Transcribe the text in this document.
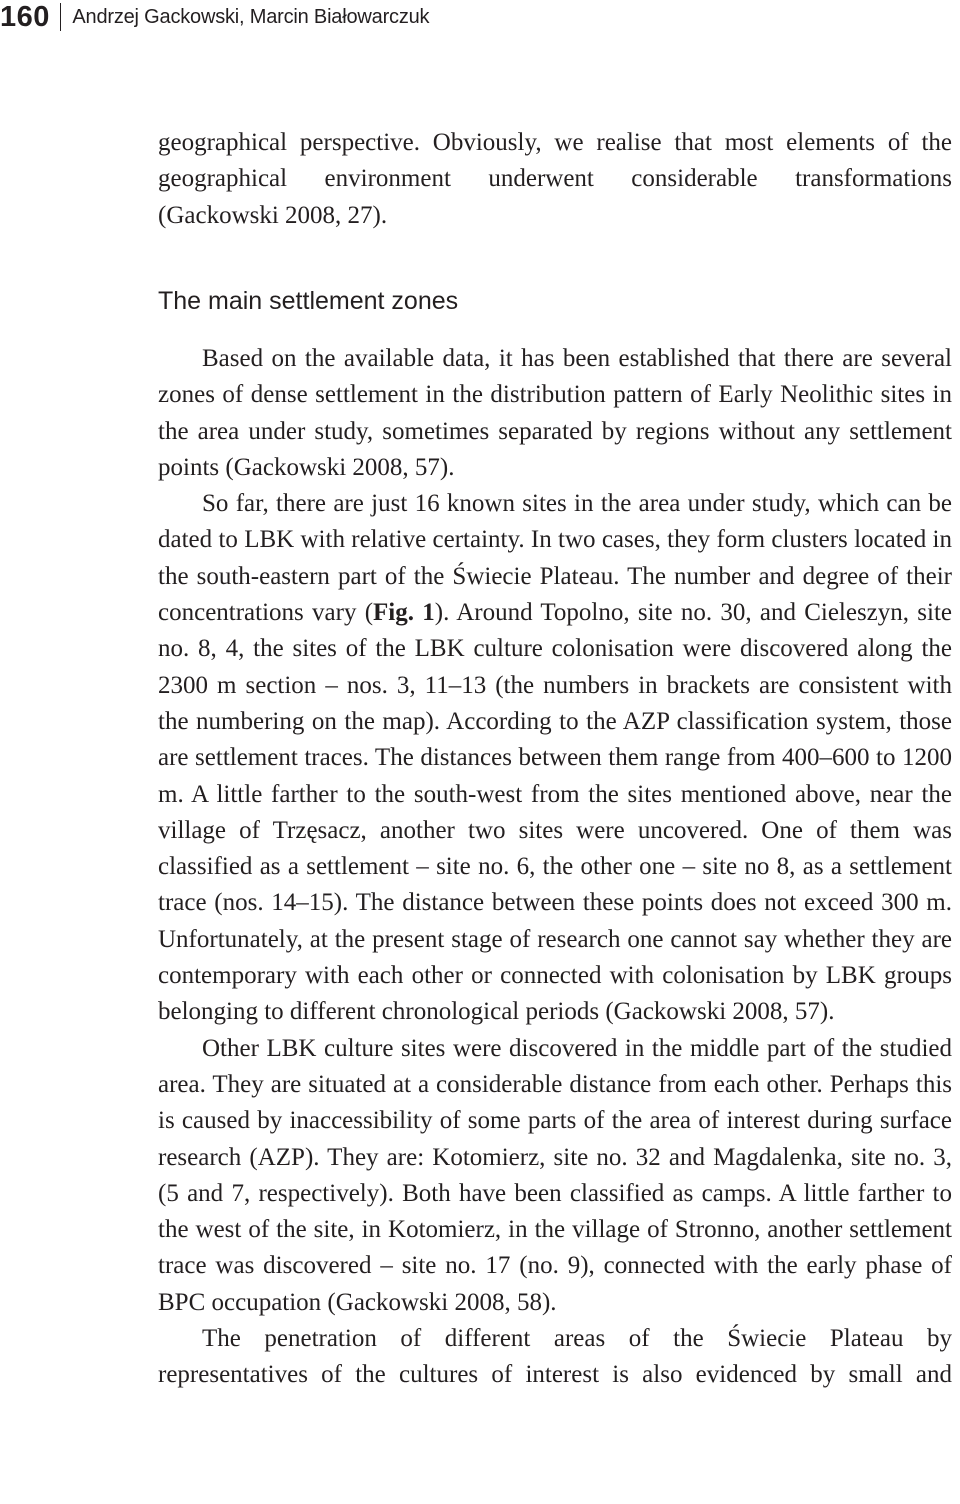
160 Andrzej Gackowski, Marcin Białowarczuk

geographical perspective. Obviously, we realise that most elements of the geographical environment underwent considerable transformations (Gackowski 2008, 27).

The main settlement zones

Based on the available data, it has been established that there are several zones of dense settlement in the distribution pattern of Early Neolithic sites in the area under study, sometimes separated by regions without any settlement points (Gackowski 2008, 57).

So far, there are just 16 known sites in the area under study, which can be dated to LBK with relative certainty. In two cases, they form clusters located in the south-eastern part of the Świecie Plateau. The number and degree of their concentrations vary (Fig. 1). Around Topolno, site no. 30, and Cieleszyn, site no. 8, 4, the sites of the LBK culture colonisation were discovered along the 2300 m section – nos. 3, 11–13 (the numbers in brackets are consistent with the numbering on the map). According to the AZP classification system, those are settlement traces. The distances between them range from 400–600 to 1200 m. A little farther to the south-west from the sites mentioned above, near the village of Trzęsacz, another two sites were uncovered. One of them was classified as a settlement – site no. 6, the other one – site no 8, as a settlement trace (nos. 14–15). The distance between these points does not exceed 300 m. Unfortunately, at the present stage of research one cannot say whether they are contemporary with each other or connected with colonisation by LBK groups belonging to different chronological periods (Gackowski 2008, 57).

Other LBK culture sites were discovered in the middle part of the studied area. They are situated at a considerable distance from each other. Perhaps this is caused by inaccessibility of some parts of the area of interest during surface research (AZP). They are: Kotomierz, site no. 32 and Magdalenka, site no. 3, (5 and 7, respectively). Both have been classified as camps. A little farther to the west of the site, in Kotomierz, in the village of Stronno, another settlement trace was discovered – site no. 17 (no. 9), connected with the early phase of BPC occupation (Gackowski 2008, 58).

The penetration of different areas of the Świecie Plateau by representatives of the cultures of interest is also evidenced by small and
